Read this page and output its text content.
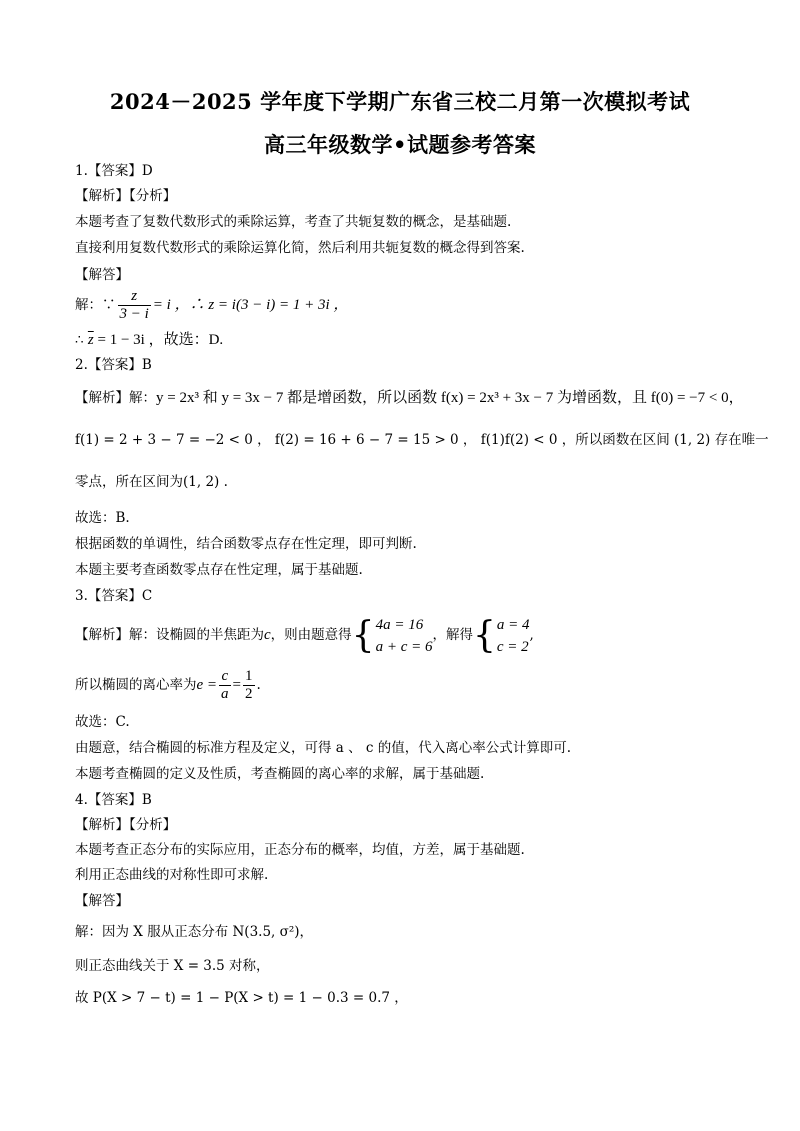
2024－2025 学年度下学期广东省三校二月第一次模拟考试
高三年级数学•试题参考答案
1.【答案】D
【解析】【分析】
本题考查了复数代数形式的乘除运算，考查了共轭复数的概念，是基础题.
直接利用复数代数形式的乘除运算化简，然后利用共轭复数的概念得到答案.
【解答】
解：∵ $\frac{z}{3 - i} = i$ ，∴ z = i(3 − i) = 1 + 3i ，
∴ $\overline{z} = 1 - 3i$ ，故选：D.
2.【答案】B
【解析】解：y = 2x³ 和 y = 3x − 7 都是增函数，所以函数 f(x) = 2x³ + 3x − 7 为增函数，且 f(0) = −7 < 0，
f(1) = 2 + 3 − 7 = −2 < 0 ， f(2) = 16 + 6 − 7 = 15 > 0 ， f(1)f(2) < 0 ，所以函数在区间 (1, 2) 存在唯一
零点，所在区间为(1, 2) .
故选：B.
根据函数的单调性，结合函数零点存在性定理，即可判断.
本题主要考查函数零点存在性定理，属于基础题.
3.【答案】C
【解析】解：设椭圆的半焦距为c，则由题意得{ 4a = 16
a + c = 6
，解得{ a = 4
c = 2
,
所以椭圆的离心率为$e = \frac{c}{a} = \frac{1}{2}$ .
故选：C.
由题意，结合椭圆的标准方程及定义，可得 a 、 c 的值，代入离心率公式计算即可.
本题考查椭圆的定义及性质，考查椭圆的离心率的求解，属于基础题.
4.【答案】B
【解析】【分析】
本题考查正态分布的实际应用，正态分布的概率，均值，方差，属于基础题.
利用正态曲线的对称性即可求解.
【解答】
解：因为 X 服从正态分布 N(3.5, σ²)，
则正态曲线关于 X = 3.5 对称，
故 P(X > 7 − t) = 1 − P(X > t) = 1 − 0.3 = 0.7 ，
